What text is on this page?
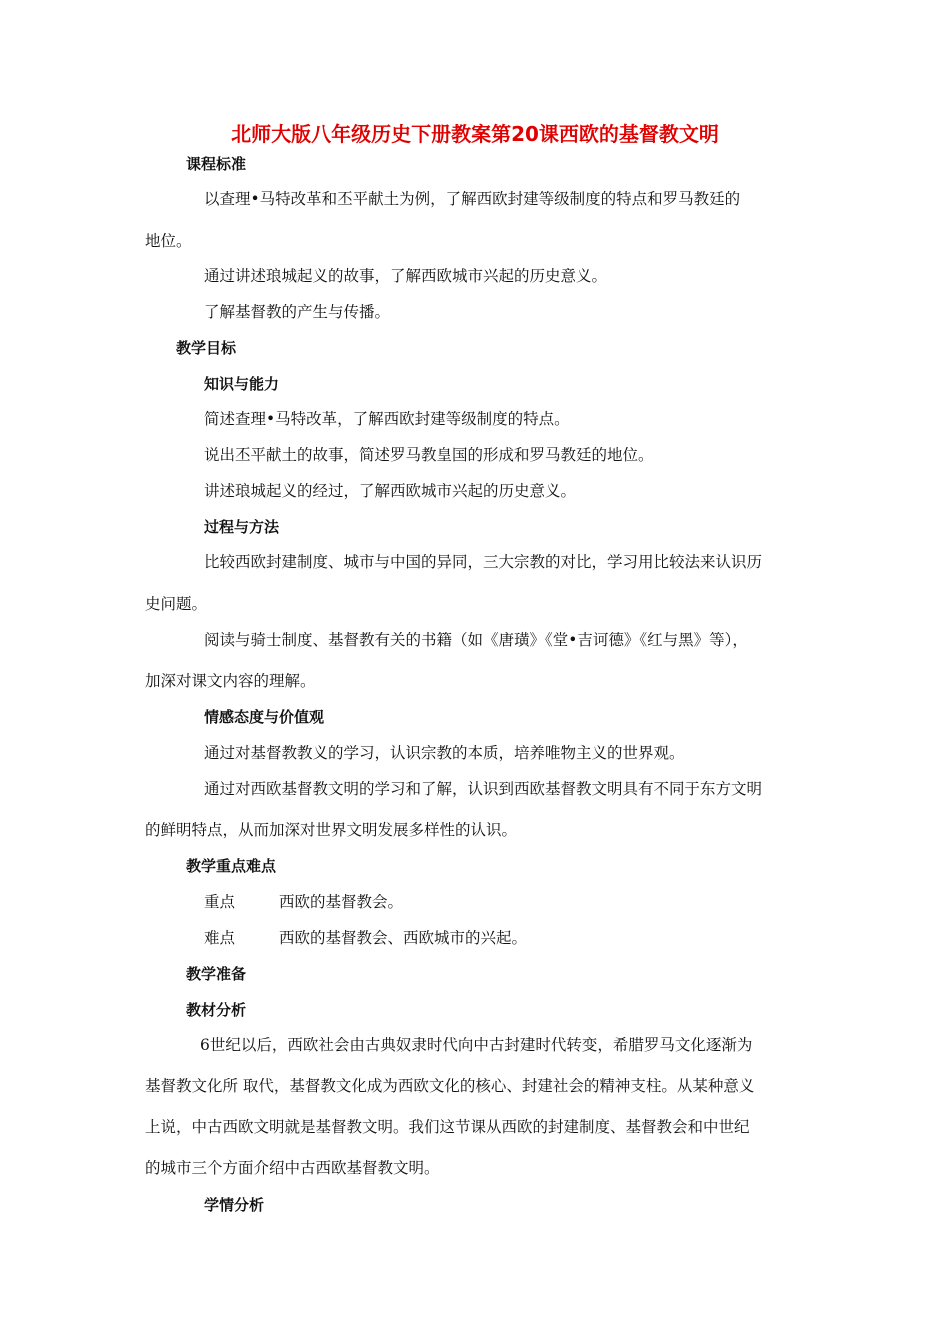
北师大版八年级历史下册教案第20课西欧的基督教文明
课程标准
以查理•马特改革和丕平献土为例，了解西欧封建等级制度的特点和罗马教廷的
地位。
通过讲述琅城起义的故事，了解西欧城市兴起的历史意义。
了解基督教的产生与传播。
教学目标
知识与能力
简述查理•马特改革，了解西欧封建等级制度的特点。
说出丕平献土的故事，简述罗马教皇国的形成和罗马教廷的地位。
讲述琅城起义的经过，了解西欧城市兴起的历史意义。
过程与方法
比较西欧封建制度、城市与中国的异同，三大宗教的对比，学习用比较法来认识历
史问题。
阅读与骑士制度、基督教有关的书籍（如《唐璜》《堂•吉诃德》《红与黑》等），
加深对课文内容的理解。
情感态度与价值观
通过对基督教教义的学习，认识宗教的本质，培养唯物主义的世界观。
通过对西欧基督教文明的学习和了解，认识到西欧基督教文明具有不同于东方文明
的鲜明特点，从而加深对世界文明发展多样性的认识。
教学重点难点
重点	西欧的基督教会。
难点	西欧的基督教会、西欧城市的兴起。
教学准备
教材分析
6世纪以后，西欧社会由古典奴隶时代向中古封建时代转变，希腊罗马文化逐渐为
基督教文化所 取代，基督教文化成为西欧文化的核心、封建社会的精神支柱。从某种意义
上说，中古西欧文明就是基督教文明。我们这节课从西欧的封建制度、基督教会和中世纪
的城市三个方面介绍中古西欧基督教文明。
学情分析
